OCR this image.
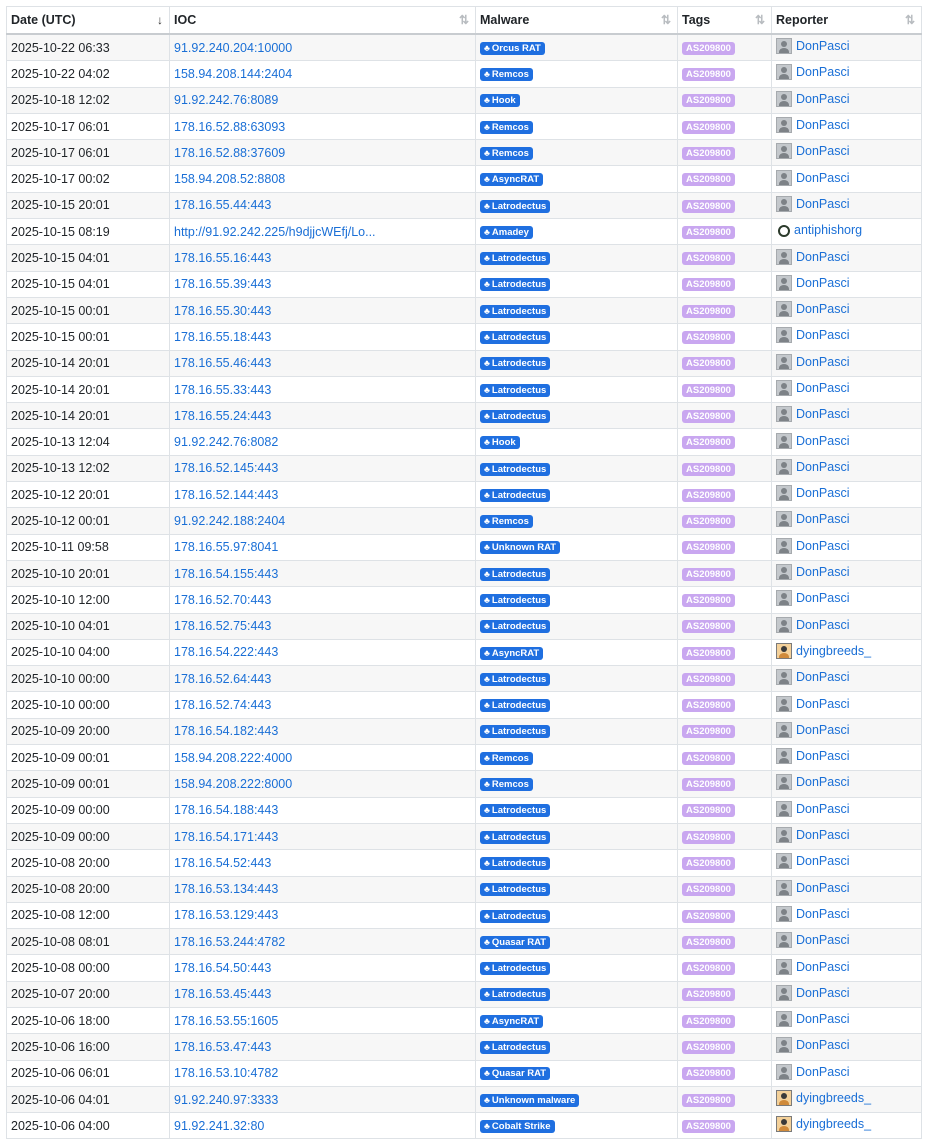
Date (UTC) ↓	IOC ⇅	Malware ⇅	Tags ⇅	Reporter ⇅

2025-10-22 06:33	91.92.240.204:10000	♣ Orcus RAT	AS209800	DonPasci

2025-10-22 04:02	158.94.208.144:2404	♣ Remcos	AS209800	DonPasci

2025-10-18 12:02	91.92.242.76:8089	♣ Hook	AS209800	DonPasci

2025-10-17 06:01	178.16.52.88:63093	♣ Remcos	AS209800	DonPasci

2025-10-17 06:01	178.16.52.88:37609	♣ Remcos	AS209800	DonPasci

2025-10-17 00:02	158.94.208.52:8808	♣ AsyncRAT	AS209800	DonPasci

2025-10-15 20:01	178.16.55.44:443	♣ Latrodectus	AS209800	DonPasci

2025-10-15 08:19	http://91.92.242.225/h9djjcWEfj/Lo...	♣ Amadey	AS209800	antiphishorg

2025-10-15 04:01	178.16.55.16:443	♣ Latrodectus	AS209800	DonPasci

2025-10-15 04:01	178.16.55.39:443	♣ Latrodectus	AS209800	DonPasci

2025-10-15 00:01	178.16.55.30:443	♣ Latrodectus	AS209800	DonPasci

2025-10-15 00:01	178.16.55.18:443	♣ Latrodectus	AS209800	DonPasci

2025-10-14 20:01	178.16.55.46:443	♣ Latrodectus	AS209800	DonPasci

2025-10-14 20:01	178.16.55.33:443	♣ Latrodectus	AS209800	DonPasci

2025-10-14 20:01	178.16.55.24:443	♣ Latrodectus	AS209800	DonPasci

2025-10-13 12:04	91.92.242.76:8082	♣ Hook	AS209800	DonPasci

2025-10-13 12:02	178.16.52.145:443	♣ Latrodectus	AS209800	DonPasci

2025-10-12 20:01	178.16.52.144:443	♣ Latrodectus	AS209800	DonPasci

2025-10-12 00:01	91.92.242.188:2404	♣ Remcos	AS209800	DonPasci

2025-10-11 09:58	178.16.55.97:8041	♣ Unknown RAT	AS209800	DonPasci

2025-10-10 20:01	178.16.54.155:443	♣ Latrodectus	AS209800	DonPasci

2025-10-10 12:00	178.16.52.70:443	♣ Latrodectus	AS209800	DonPasci

2025-10-10 04:01	178.16.52.75:443	♣ Latrodectus	AS209800	DonPasci

2025-10-10 04:00	178.16.54.222:443	♣ AsyncRAT	AS209800	dyingbreeds_

2025-10-10 00:00	178.16.52.64:443	♣ Latrodectus	AS209800	DonPasci

2025-10-10 00:00	178.16.52.74:443	♣ Latrodectus	AS209800	DonPasci

2025-10-09 20:00	178.16.54.182:443	♣ Latrodectus	AS209800	DonPasci

2025-10-09 00:01	158.94.208.222:4000	♣ Remcos	AS209800	DonPasci

2025-10-09 00:01	158.94.208.222:8000	♣ Remcos	AS209800	DonPasci

2025-10-09 00:00	178.16.54.188:443	♣ Latrodectus	AS209800	DonPasci

2025-10-09 00:00	178.16.54.171:443	♣ Latrodectus	AS209800	DonPasci

2025-10-08 20:00	178.16.54.52:443	♣ Latrodectus	AS209800	DonPasci

2025-10-08 20:00	178.16.53.134:443	♣ Latrodectus	AS209800	DonPasci

2025-10-08 12:00	178.16.53.129:443	♣ Latrodectus	AS209800	DonPasci

2025-10-08 08:01	178.16.53.244:4782	♣ Quasar RAT	AS209800	DonPasci

2025-10-08 00:00	178.16.54.50:443	♣ Latrodectus	AS209800	DonPasci

2025-10-07 20:00	178.16.53.45:443	♣ Latrodectus	AS209800	DonPasci

2025-10-06 18:00	178.16.53.55:1605	♣ AsyncRAT	AS209800	DonPasci

2025-10-06 16:00	178.16.53.47:443	♣ Latrodectus	AS209800	DonPasci

2025-10-06 06:01	178.16.53.10:4782	♣ Quasar RAT	AS209800	DonPasci

2025-10-06 04:01	91.92.240.97:3333	♣ Unknown malware	AS209800	dyingbreeds_

2025-10-06 04:00	91.92.241.32:80	♣ Cobalt Strike	AS209800	dyingbreeds_
